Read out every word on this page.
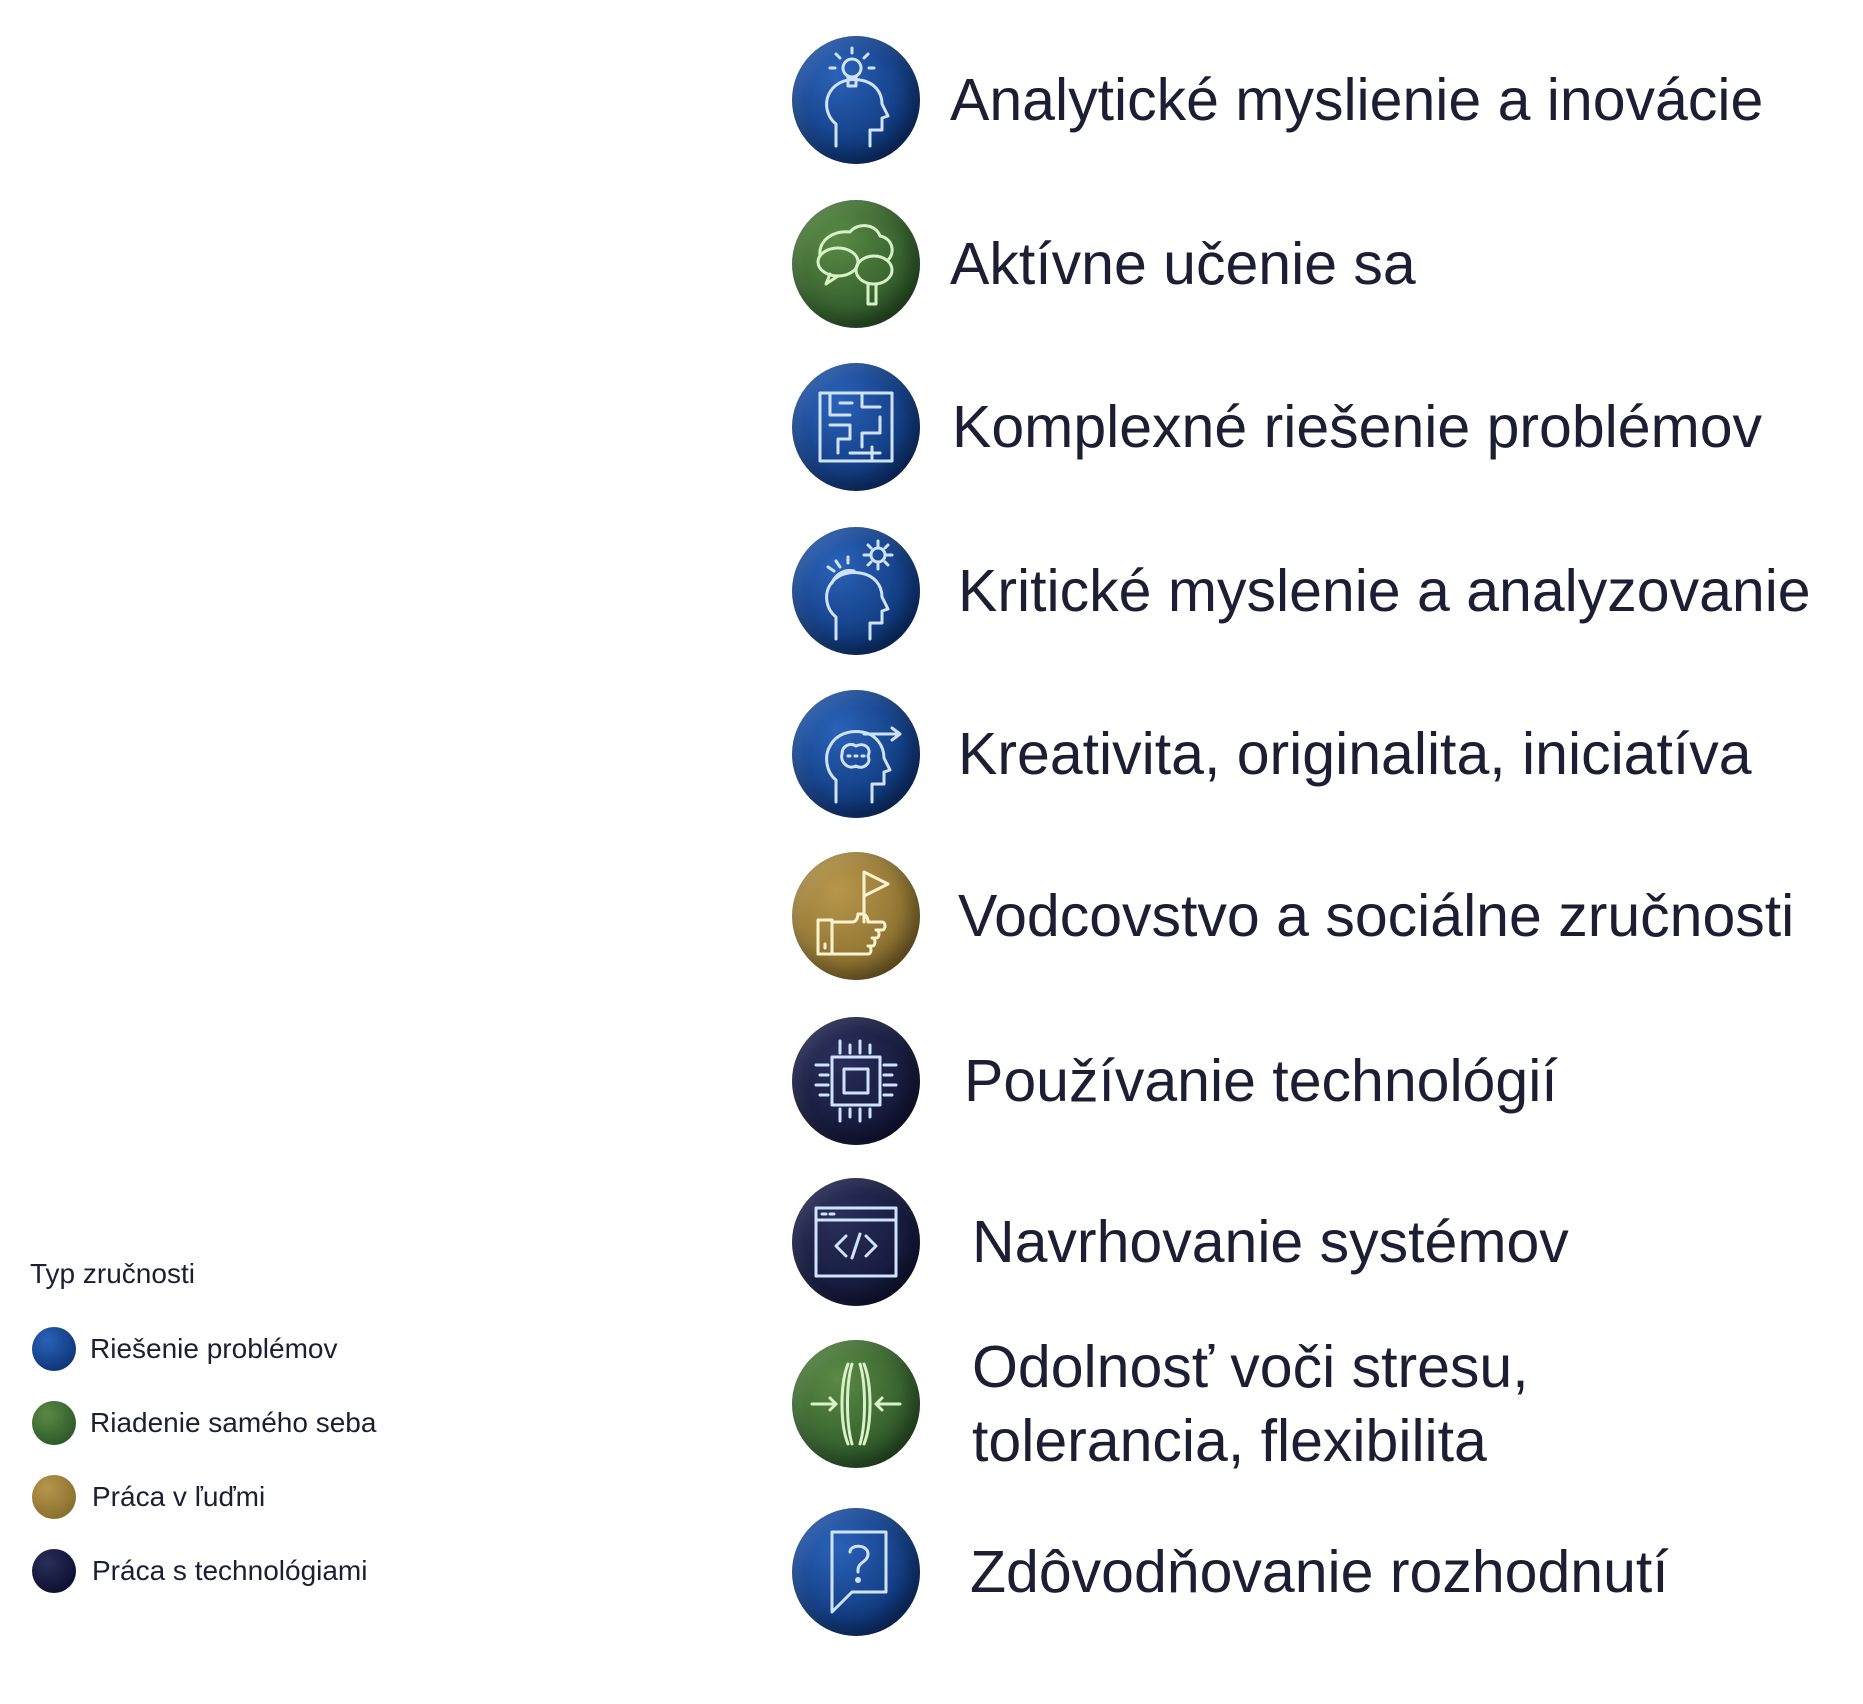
Analytické myslienie a inovácie
Aktívne učenie sa
Komplexné riešenie problémov
Kritické myslenie a analyzovanie
Kreativita, originalita, iniciatíva
Vodcovstvo a sociálne zručnosti
Používanie technológií
Navrhovanie systémov
Odolnosť voči stresu,
tolerancia, flexibilita
Zdôvodňovanie rozhodnutí
Typ zručnosti
Riešenie problémov
Riadenie samého seba
Práca v ľuďmi
Práca s technológiami
